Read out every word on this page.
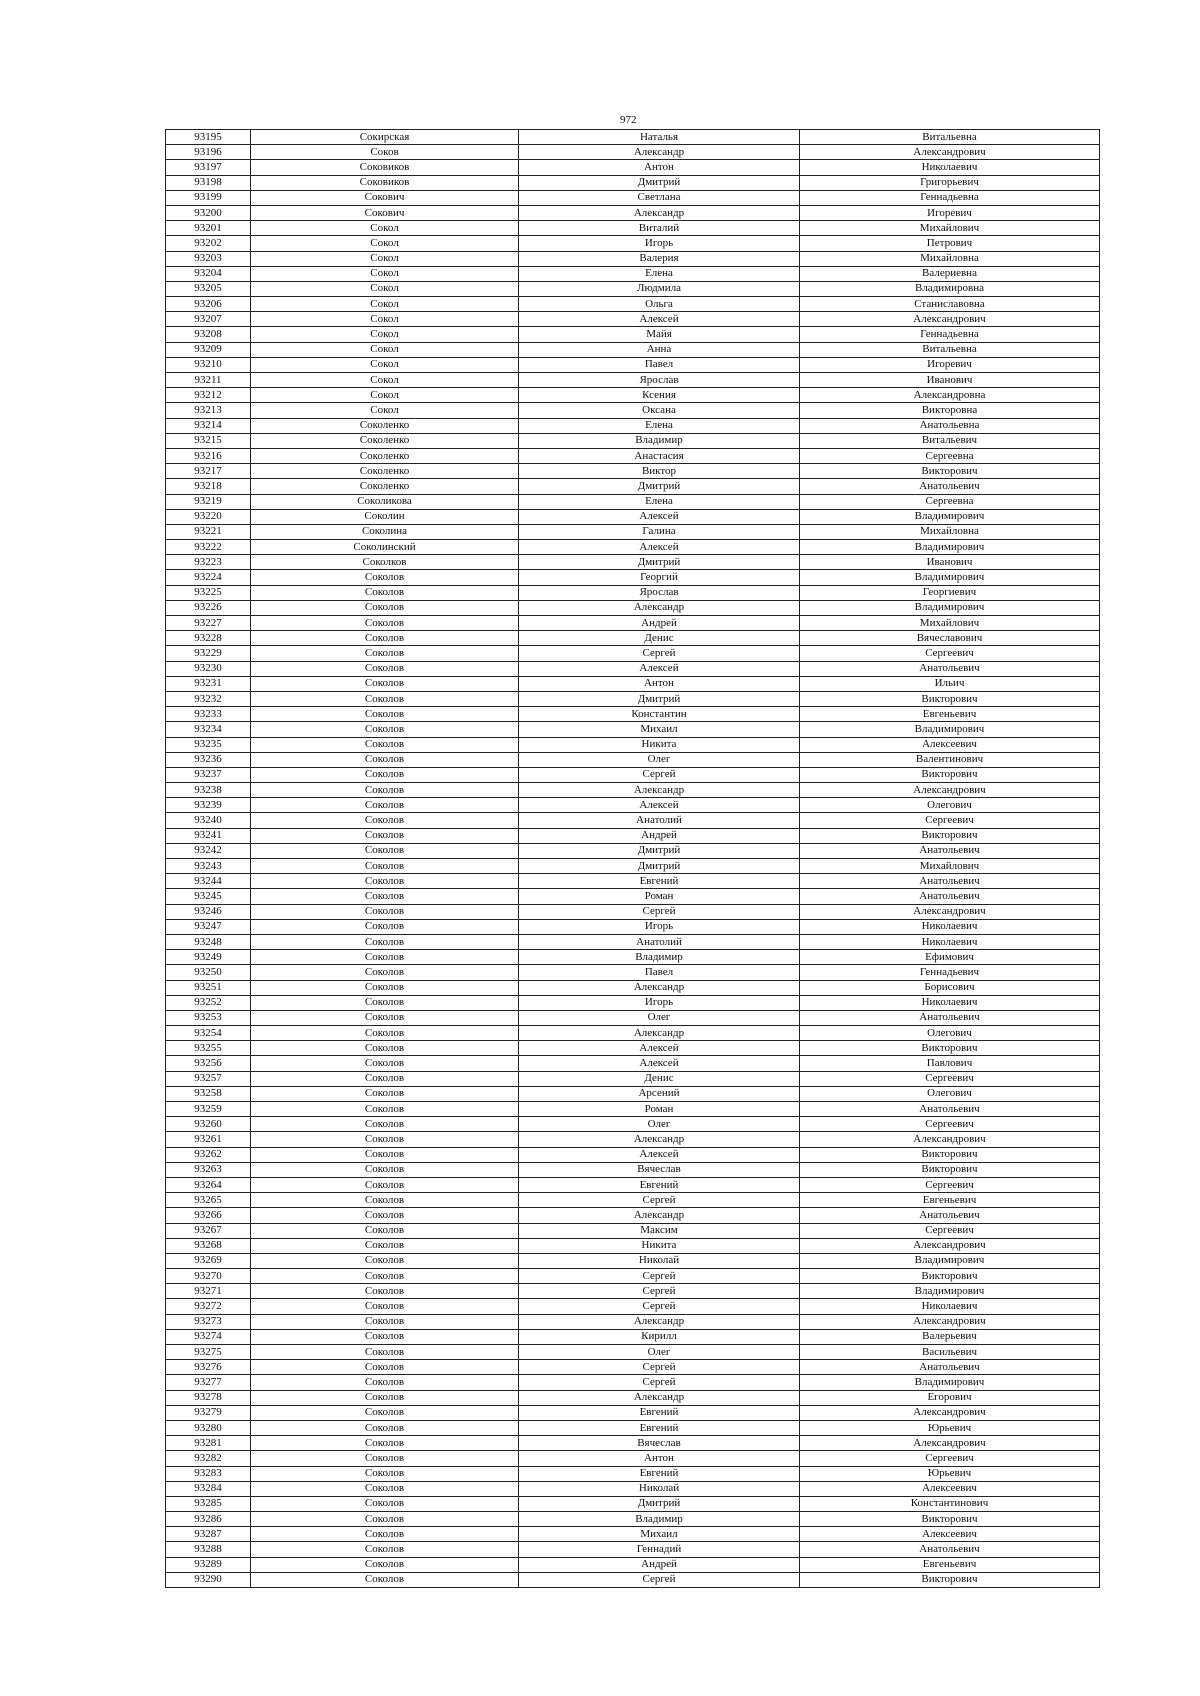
972
93195	Сокирская	Наталья	Витальевна
93196	Соков	Александр	Александрович
93197	Соковиков	Антон	Николаевич
93198	Соковиков	Дмитрий	Григорьевич
93199	Сокович	Светлана	Геннадьевна
93200	Сокович	Александр	Игоревич
93201	Сокол	Виталий	Михайлович
93202	Сокол	Игорь	Петрович
93203	Сокол	Валерия	Михайловна
93204	Сокол	Елена	Валериевна
93205	Сокол	Людмила	Владимировна
93206	Сокол	Ольга	Станиславовна
93207	Сокол	Алексей	Александрович
93208	Сокол	Майя	Геннадьевна
93209	Сокол	Анна	Витальевна
93210	Сокол	Павел	Игоревич
93211	Сокол	Ярослав	Иванович
93212	Сокол	Ксения	Александровна
93213	Сокол	Оксана	Викторовна
93214	Соколенко	Елена	Анатольевна
93215	Соколенко	Владимир	Витальевич
93216	Соколенко	Анастасия	Сергеевна
93217	Соколенко	Виктор	Викторович
93218	Соколенко	Дмитрий	Анатольевич
93219	Соколикова	Елена	Сергеевна
93220	Соколин	Алексей	Владимирович
93221	Соколина	Галина	Михайловна
93222	Соколинский	Алексей	Владимирович
93223	Соколков	Дмитрий	Иванович
93224	Соколов	Георгий	Владимирович
93225	Соколов	Ярослав	Георгиевич
93226	Соколов	Александр	Владимирович
93227	Соколов	Андрей	Михайлович
93228	Соколов	Денис	Вячеславович
93229	Соколов	Сергей	Сергеевич
93230	Соколов	Алексей	Анатольевич
93231	Соколов	Антон	Ильич
93232	Соколов	Дмитрий	Викторович
93233	Соколов	Константин	Евгеньевич
93234	Соколов	Михаил	Владимирович
93235	Соколов	Никита	Алексеевич
93236	Соколов	Олег	Валентинович
93237	Соколов	Сергей	Викторович
93238	Соколов	Александр	Александрович
93239	Соколов	Алексей	Олегович
93240	Соколов	Анатолий	Сергеевич
93241	Соколов	Андрей	Викторович
93242	Соколов	Дмитрий	Анатольевич
93243	Соколов	Дмитрий	Михайлович
93244	Соколов	Евгений	Анатольевич
93245	Соколов	Роман	Анатольевич
93246	Соколов	Сергей	Александрович
93247	Соколов	Игорь	Николаевич
93248	Соколов	Анатолий	Николаевич
93249	Соколов	Владимир	Ефимович
93250	Соколов	Павел	Геннадьевич
93251	Соколов	Александр	Борисович
93252	Соколов	Игорь	Николаевич
93253	Соколов	Олег	Анатольевич
93254	Соколов	Александр	Олегович
93255	Соколов	Алексей	Викторович
93256	Соколов	Алексей	Павлович
93257	Соколов	Денис	Сергеевич
93258	Соколов	Арсений	Олегович
93259	Соколов	Роман	Анатольевич
93260	Соколов	Олег	Сергеевич
93261	Соколов	Александр	Александрович
93262	Соколов	Алексей	Викторович
93263	Соколов	Вячеслав	Викторович
93264	Соколов	Евгений	Сергеевич
93265	Соколов	Сергей	Евгеньевич
93266	Соколов	Александр	Анатольевич
93267	Соколов	Максим	Сергеевич
93268	Соколов	Никита	Александрович
93269	Соколов	Николай	Владимирович
93270	Соколов	Сергей	Викторович
93271	Соколов	Сергей	Владимирович
93272	Соколов	Сергей	Николаевич
93273	Соколов	Александр	Александрович
93274	Соколов	Кирилл	Валерьевич
93275	Соколов	Олег	Васильевич
93276	Соколов	Сергей	Анатольевич
93277	Соколов	Сергей	Владимирович
93278	Соколов	Александр	Егорович
93279	Соколов	Евгений	Александрович
93280	Соколов	Евгений	Юрьевич
93281	Соколов	Вячеслав	Александрович
93282	Соколов	Антон	Сергеевич
93283	Соколов	Евгений	Юрьевич
93284	Соколов	Николай	Алексеевич
93285	Соколов	Дмитрий	Константинович
93286	Соколов	Владимир	Викторович
93287	Соколов	Михаил	Алексеевич
93288	Соколов	Геннадий	Анатольевич
93289	Соколов	Андрей	Евгеньевич
93290	Соколов	Сергей	Викторович
